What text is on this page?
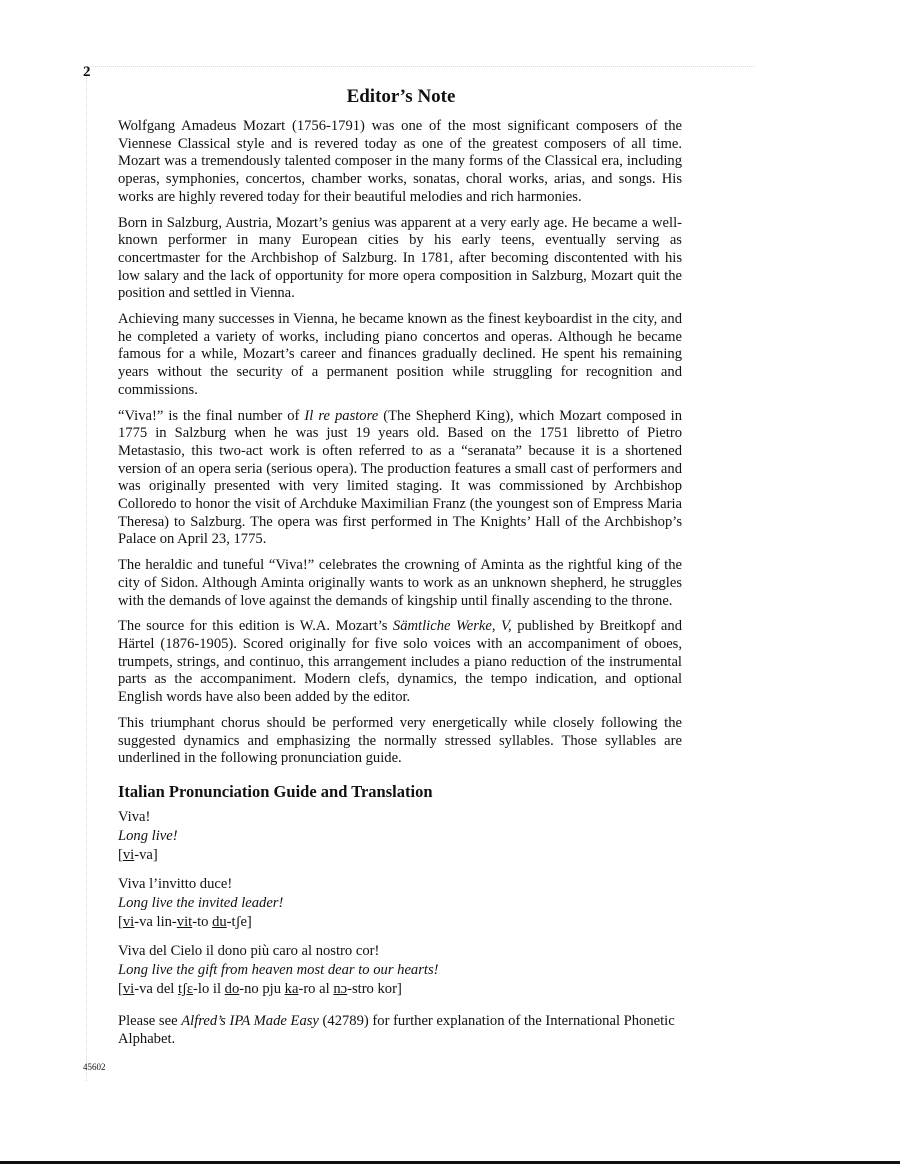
2
45602
Editor’s Note

Wolfgang Amadeus Mozart (1756-1791) was one of the most significant composers of the Viennese Classical style and is revered today as one of the greatest composers of all time. Mozart was a tremendously talented composer in the many forms of the Classical era, including operas, symphonies, concertos, chamber works, sonatas, choral works, arias, and songs. His works are highly revered today for their beautiful melodies and rich harmonies.

Born in Salzburg, Austria, Mozart’s genius was apparent at a very early age. He became a well-known performer in many European cities by his early teens, eventually serving as concertmaster for the Archbishop of Salzburg. In 1781, after becoming discontented with his low salary and the lack of opportunity for more opera composition in Salzburg, Mozart quit the position and settled in Vienna.

Achieving many successes in Vienna, he became known as the finest keyboardist in the city, and he completed a variety of works, including piano concertos and operas. Although he became famous for a while, Mozart’s career and finances gradually declined. He spent his remaining years without the security of a permanent position while struggling for recognition and commissions.

“Viva!” is the final number of Il re pastore (The Shepherd King), which Mozart composed in 1775 in Salzburg when he was just 19 years old. Based on the 1751 libretto of Pietro Metastasio, this two-act work is often referred to as a “seranata” because it is a shortened version of an opera seria (serious opera). The production features a small cast of performers and was originally presented with very limited staging. It was commissioned by Archbishop Colloredo to honor the visit of Archduke Maximilian Franz (the youngest son of Empress Maria Theresa) to Salzburg. The opera was first performed in The Knights’ Hall of the Archbishop’s Palace on April 23, 1775.

The heraldic and tuneful “Viva!” celebrates the crowning of Aminta as the rightful king of the city of Sidon. Although Aminta originally wants to work as an unknown shepherd, he struggles with the demands of love against the demands of kingship until finally ascending to the throne.

The source for this edition is W.A. Mozart’s Sämtliche Werke, V, published by Breitkopf and Härtel (1876-1905). Scored originally for five solo voices with an accompaniment of oboes, trumpets, strings, and continuo, this arrangement includes a piano reduction of the instrumental parts as the accompaniment. Modern clefs, dynamics, the tempo indication, and optional English words have also been added by the editor.

This triumphant chorus should be performed very energetically while closely following the suggested dynamics and emphasizing the normally stressed syllables. Those syllables are underlined in the following pronunciation guide.

Italian Pronunciation Guide and Translation
Viva!
Long live!
[vi-va]
Viva l’invitto duce!
Long live the invited leader!
[vi-va lin-vit-to du-tʃe]
Viva del Cielo il dono più caro al nostro cor!
Long live the gift from heaven most dear to our hearts!
[vi-va del tʃɛ-lo il do-no pju ka-ro al nɔ-stro kor]

Please see Alfred’s IPA Made Easy (42789) for further explanation of the International Phonetic Alphabet.
